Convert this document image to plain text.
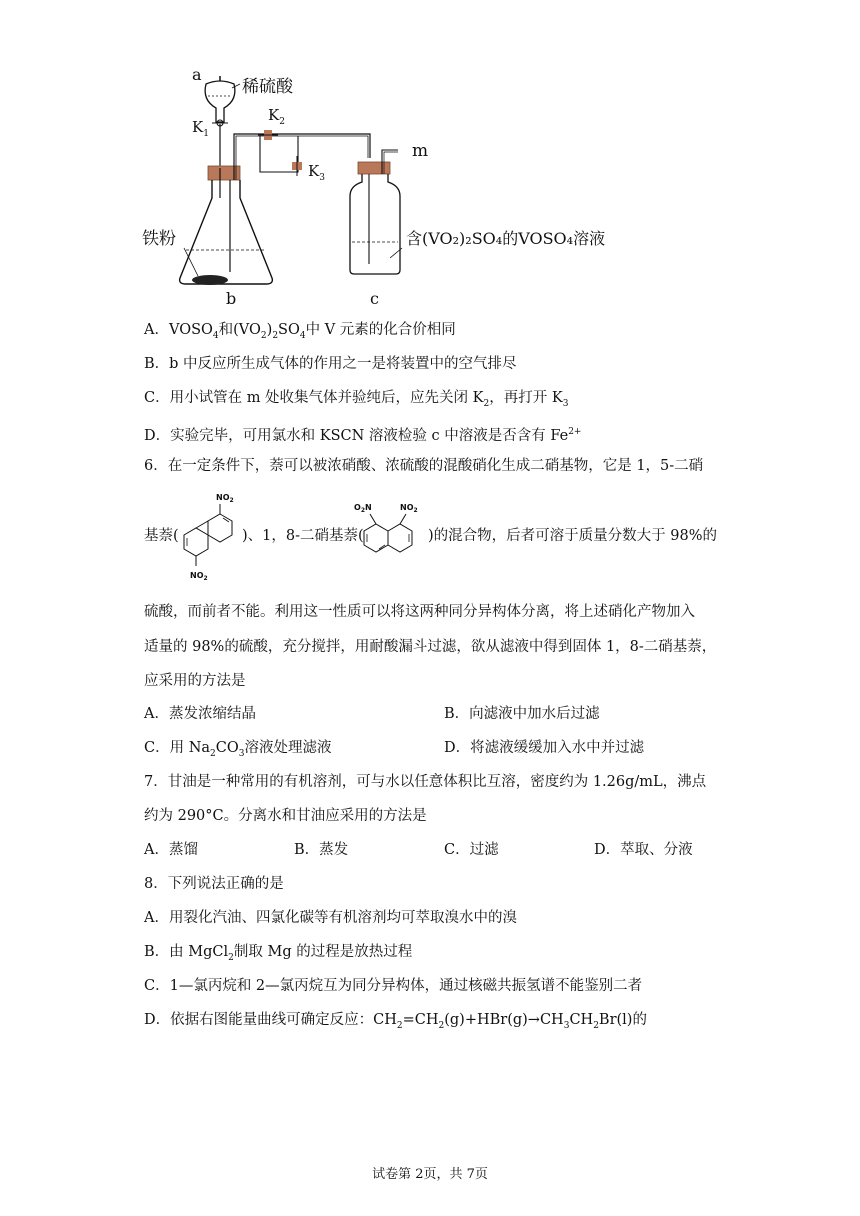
a
稀硫酸
$K_1$
$K_2$
$K_3$
m
铁粉
b	c
含(VO₂)₂SO₄的VOSO₄溶液
A．$VOSO_4$和$(VO_2)_2SO_4$中 V 元素的化合价相同
B．b 中反应所生成气体的作用之一是将装置中的空气排尽
C．用小试管在 m 处收集气体并验纯后，应先关闭 $K_2$，再打开 $K_3$
D．实验完毕，可用氯水和 KSCN 溶液检验 c 中溶液是否含有 $Fe^{2+}$
6．在一定条件下，萘可以被浓硝酸、浓硫酸的混酸硝化生成二硝基物，它是 1，5-二硝
$NO_2$
$NO_2$
$O_2N$	$NO_2$
基萘(	)、1，8-二硝基萘(	)的混合物，后者可溶于质量分数大于 98%的
硫酸，而前者不能。利用这一性质可以将这两种同分异构体分离，将上述硝化产物加入
适量的 98%的硫酸，充分搅拌，用耐酸漏斗过滤，欲从滤液中得到固体 1，8-二硝基萘，
应采用的方法是
A．蒸发浓缩结晶	B．向滤液中加水后过滤
C．用 $Na_2CO_3$溶液处理滤液	D．将滤液缓缓加入水中并过滤
7．甘油是一种常用的有机溶剂，可与水以任意体积比互溶，密度约为 1.26g/mL，沸点
约为 290°C。分离水和甘油应采用的方法是
A．蒸馏	B．蒸发	C．过滤	D．萃取、分液
8．下列说法正确的是
A．用裂化汽油、四氯化碳等有机溶剂均可萃取溴水中的溴
B．由 MgCl$_2$制取 Mg 的过程是放热过程
C．1—氯丙烷和 2—氯丙烷互为同分异构体，通过核磁共振氢谱不能鉴别二者
D．依据右图能量曲线可确定反应：$CH_2=CH_2(g)+HBr(g)\to CH_3CH_2Br(l)$的
试卷第 2页，共 7页
